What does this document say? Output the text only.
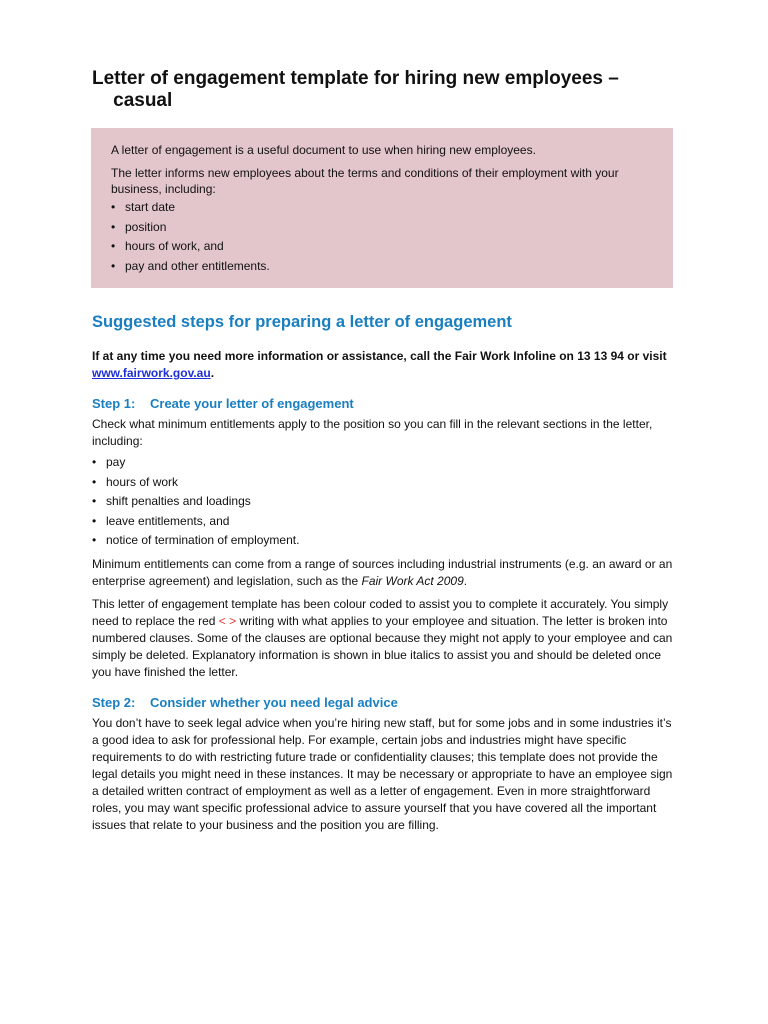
Letter of engagement template for hiring new employees –
casual

A letter of engagement is a useful document to use when hiring new employees.

The letter informs new employees about the terms and conditions of their employment with your business, including:

• start date
• position
• hours of work, and
• pay and other entitlements.
Suggested steps for preparing a letter of engagement

If at any time you need more information or assistance, call the Fair Work Infoline on 13 13 94 or visit www.fairwork.gov.au.

Step 1: Create your letter of engagement

Check what minimum entitlements apply to the position so you can fill in the relevant sections in the letter, including:

• pay
• hours of work
• shift penalties and loadings
• leave entitlements, and
• notice of termination of employment.

Minimum entitlements can come from a range of sources including industrial instruments (e.g. an award or an enterprise agreement) and legislation, such as the Fair Work Act 2009.

This letter of engagement template has been colour coded to assist you to complete it accurately. You simply need to replace the red < > writing with what applies to your employee and situation. The letter is broken into numbered clauses. Some of the clauses are optional because they might not apply to your employee and can simply be deleted. Explanatory information is shown in blue italics to assist you and should be deleted once you have finished the letter.

Step 2: Consider whether you need legal advice

You don’t have to seek legal advice when you’re hiring new staff, but for some jobs and in some industries it’s a good idea to ask for professional help. For example, certain jobs and industries might have specific requirements to do with restricting future trade or confidentiality clauses; this template does not provide the legal details you might need in these instances. It may be necessary or appropriate to have an employee sign a detailed written contract of employment as well as a letter of engagement. Even in more straightforward roles, you may want specific professional advice to assure yourself that you have covered all the important issues that relate to your business and the position you are filling.
